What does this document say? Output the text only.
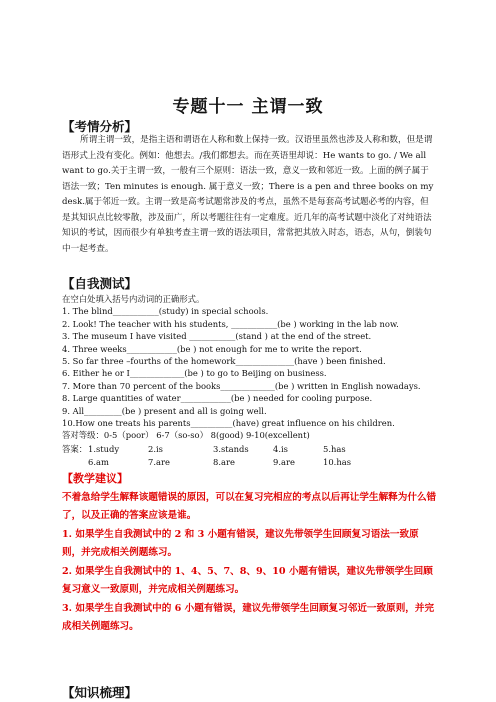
专题十一 主谓一致
【考情分析】
所谓主谓一致，是指主语和谓语在人称和数上保持一致。汉语里虽然也涉及人称和数，但是谓语形式上没有变化。例如：他想去。/我们都想去。而在英语里却说：He wants to go. / We all want to go.关于主谓一致，一般有三个原则：语法一致，意义一致和邻近一致。上面的例子属于语法一致；Ten minutes is enough. 属于意义一致；There is a pen and three books on my desk.属于邻近一致。主谓一致是高考试题常涉及的考点，虽然不是每套高考试题必考的内容，但是其知识点比较零散，涉及面广，所以考题往往有一定难度。近几年的高考试题中淡化了对纯语法知识的考试，因而很少有单独考查主谓一致的语法项目，常常把其放入时态，语态，从句，倒装句中一起考查。
【自我测试】
在空白处填入括号内动词的正确形式。
1. The blind___________(study) in special schools.
2. Look! The teacher with his students, ___________(be ) working in the lab now.
3. The museum I have visited ___________(stand ) at the end of the street.
4. Three weeks____________(be ) not enough for me to write the report.
5. So far three –fourths of the homework______________(have ) been finished.
6. Either he or I_____________(be ) to go to Beijing on business.
7. More than 70 percent of the books_____________(be ) written in English nowadays.
8. Large quantities of water____________(be ) needed for cooling purpose.
9. All_________(be ) present and all is going well.
10.How one treats his parents__________(have) great influence on his children.
答对等级：0-5（poor） 6-7（so-so） 8(good) 9-10(excellent)
答案：1.study	2.is	3.stands	4.is	5.has
6.am	7.are	8.are	9.are	10.has
【教学建议】
不着急给学生解释该题错误的原因，可以在复习完相应的考点以后再让学生解释为什么错了，以及正确的答案应该是谁。
1. 如果学生自我测试中的 2 和 3 小题有错误，建议先带领学生回顾复习语法一致原则，并完成相关例题练习。
2. 如果学生自我测试中的 1、4、5、7、8、9、10 小题有错误，建议先带领学生回顾复习意义一致原则，并完成相关例题练习。
3. 如果学生自我测试中的 6 小题有错误，建议先带领学生回顾复习邻近一致原则，并完成相关例题练习。
【知识梳理】
